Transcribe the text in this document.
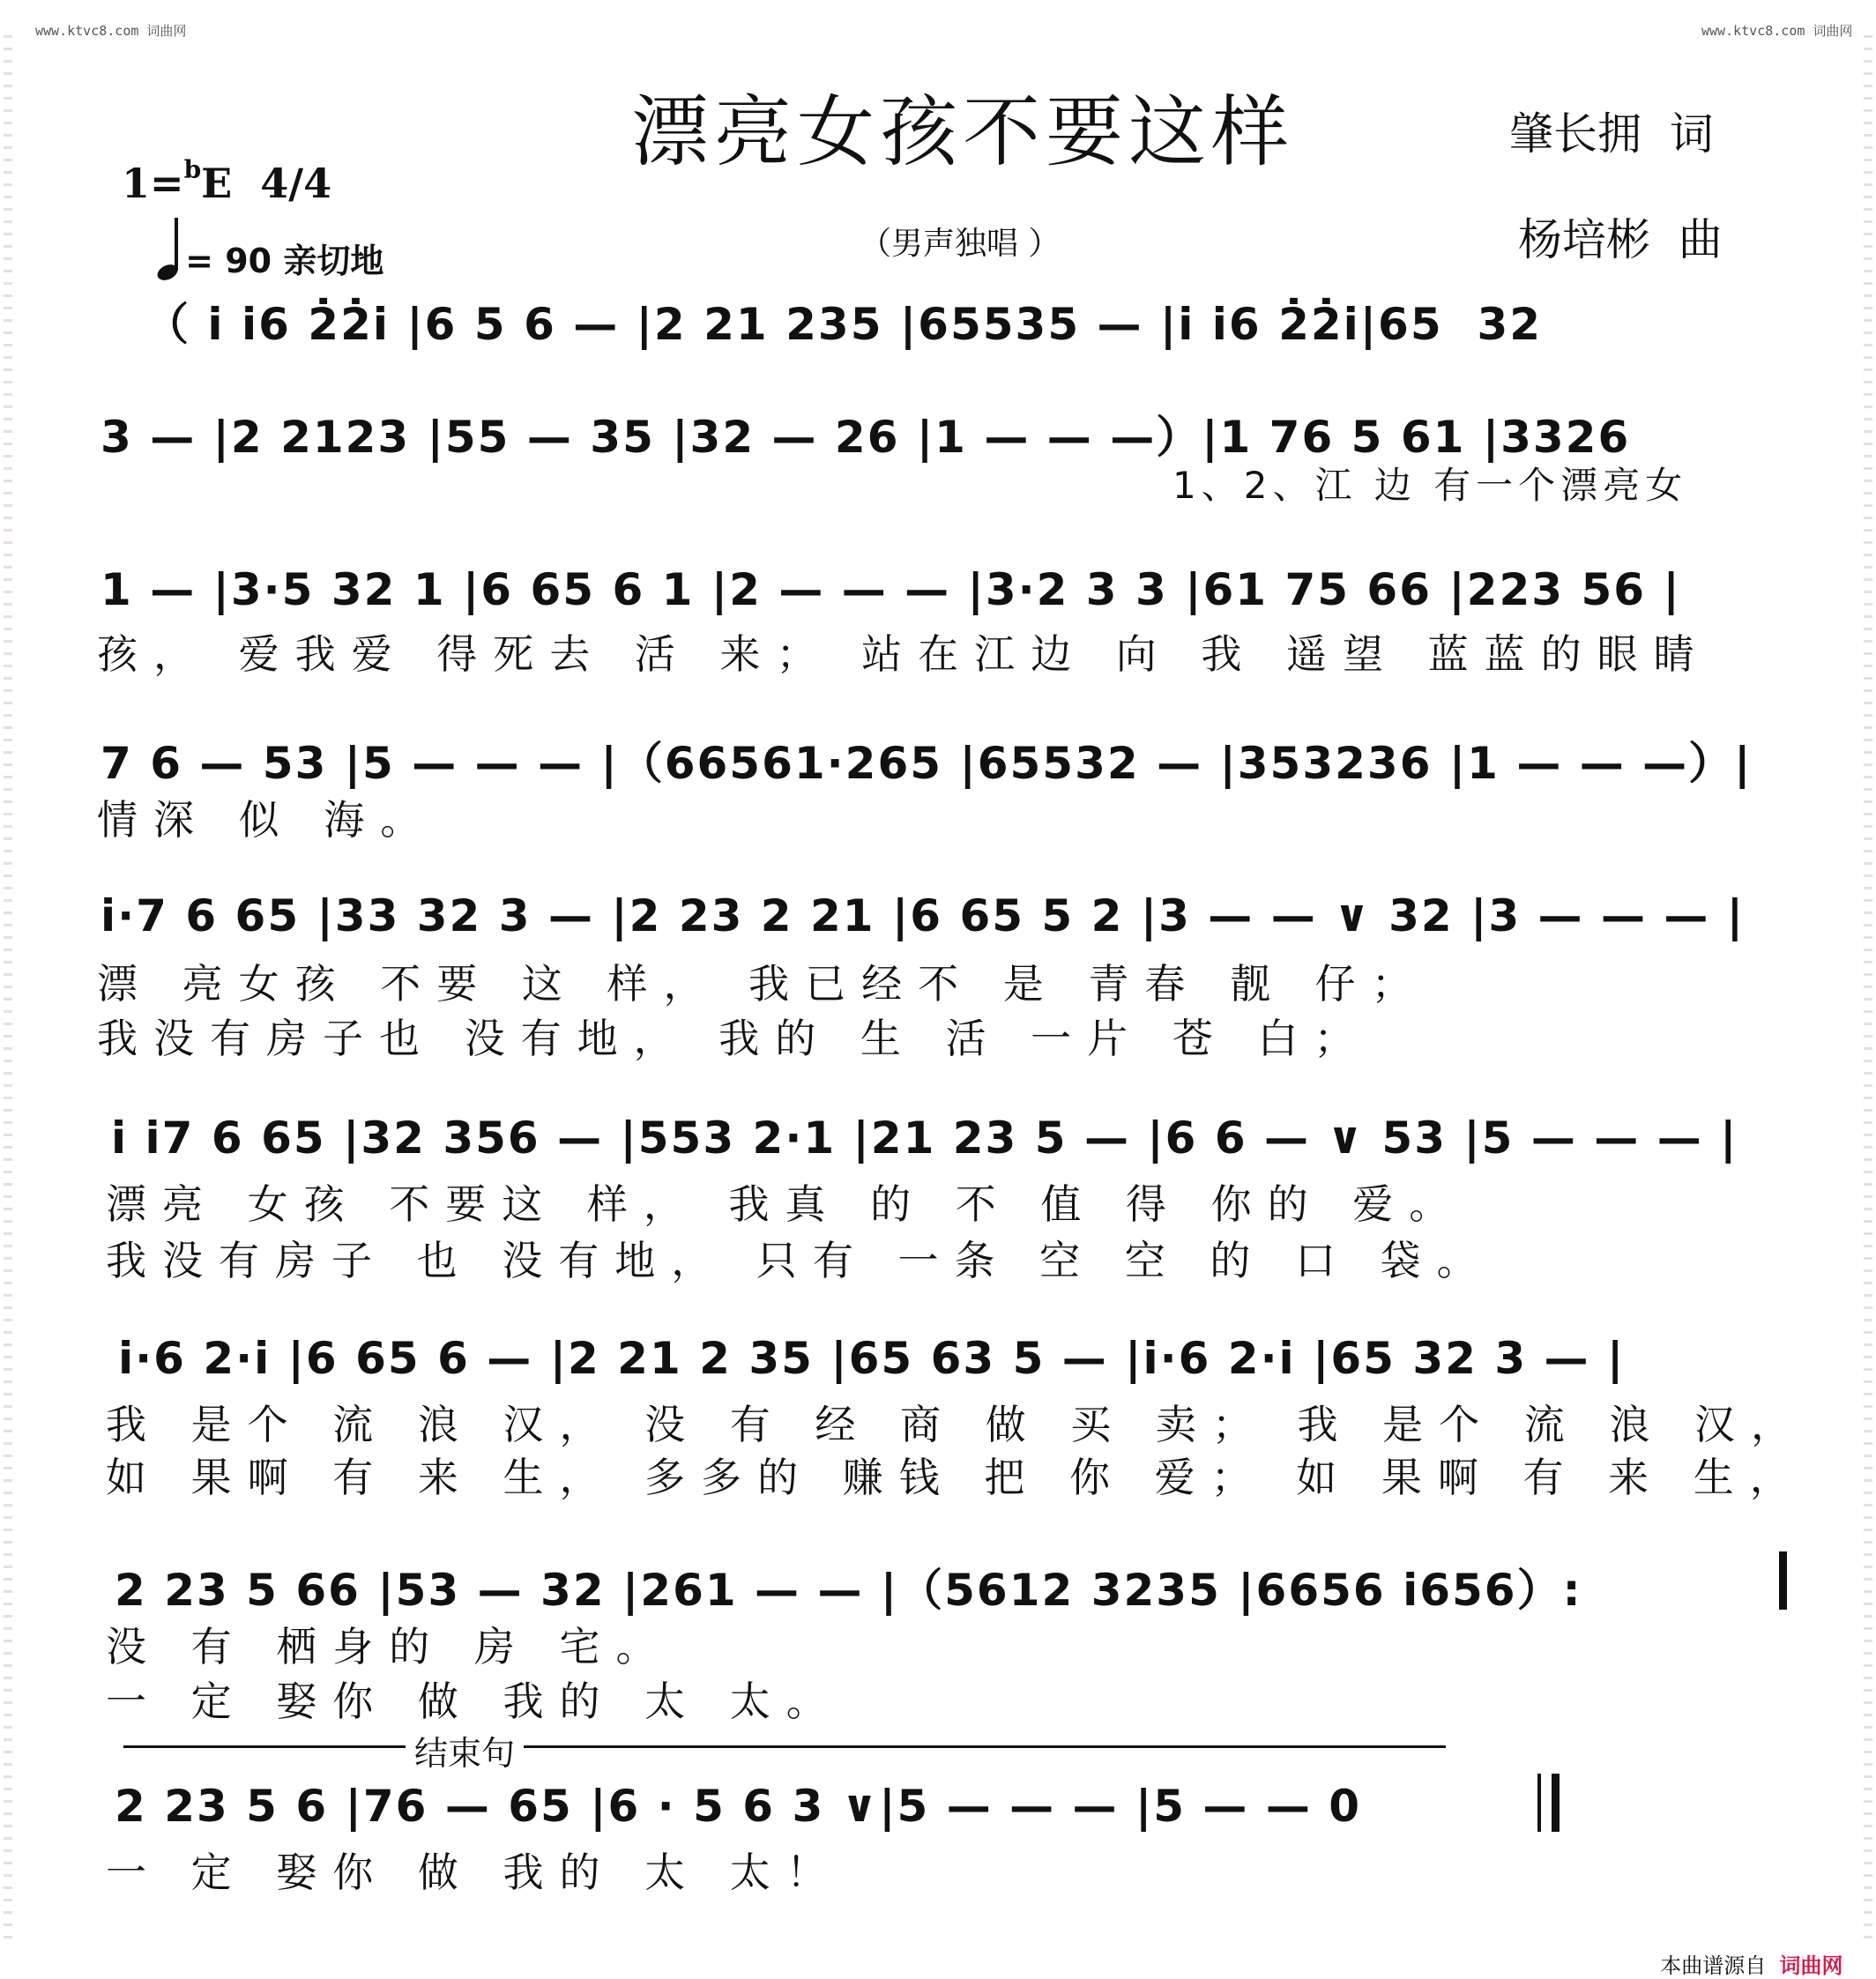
www.ktvc8.com 词曲网	www.ktvc8.com 词曲网

1=$^b$E 4/4

漂亮女孩不要这样	肇长拥  词
杨培彬  曲

= 90 亲切地	（男声独唱 ）
（ i i6 2̇2̇i |6 5 6 — |2 21 235 |65535 — |i i6 2̇2̇i|65  32
3 — |2 2123 |55 — 35 |32 — 26 |1 — — —）|1 76 5 61 |3326
1、2、江 边 有一个漂亮女
1 — |3·5 32 1 |6 65 6 1 |2 — — — |3·2 3 3 |61 75 66 |223 56 |
孩， 爱我爱 得死去 活 来； 站在江边 向 我 遥望 蓝蓝的眼睛
7 6 — 53 |5 — — — |（66561·265 |65532 — |353236 |1 — — —）|
情深 似 海。
i·7 6 65 |33 32 3 — |2 23 2 21 |6 65 5 2 |3 — — ∨ 32 |3 — — — |
漂 亮女孩 不要 这 样， 我已经不 是 青春 靓 仔；
我没有房子也 没有地， 我的 生 活 一片 苍 白；
i i7 6 65 |32 356 — |553 2·1 |21 23 5 — |6 6 — ∨ 53 |5 — — — |
漂亮 女孩 不要这 样， 我真 的 不 值 得 你的 爱。
我没有房子 也 没有地， 只有 一条 空 空 的 口 袋。
i·6 2·i |6 65 6 — |2 21 2 35 |65 63 5 — |i·6 2·i |65 32 3 — |
我 是个 流 浪 汉， 没 有 经 商 做 买 卖； 我 是个 流 浪 汉，
如 果啊 有 来 生， 多多的 赚钱 把 你 爱； 如 果啊 有 来 生，
2 23 5 66 |53 — 32 |261 — — |（5612 3235 |6656 i656）:
没 有 栖身的 房 宅。
一 定 娶你 做 我的 太 太。
结束句
2 23 5 6 |76 — 65 |6 · 5 6 3 ∨|5 — — — |5 — — 0
一 定 娶你 做 我的 太 太！

本曲谱源自 词曲网
